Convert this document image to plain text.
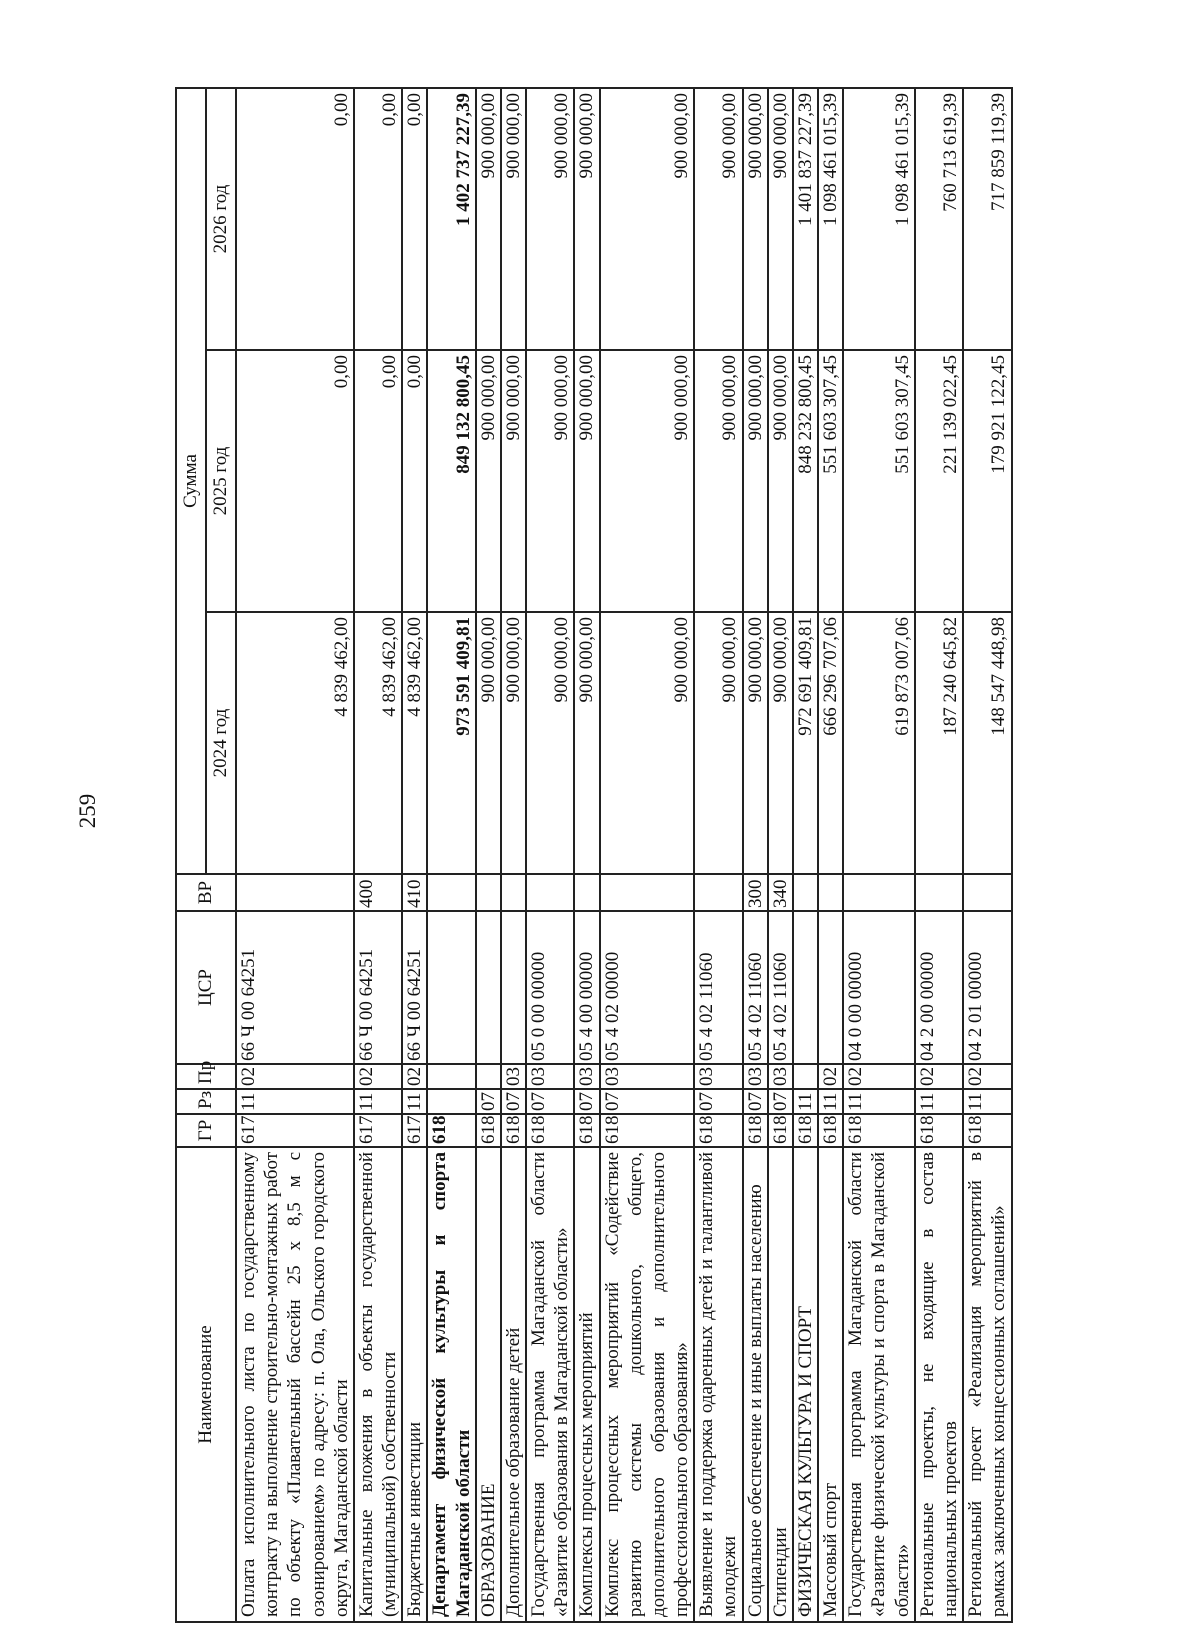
259
Наименование	ГР	Рз	Пр	ЦСР	ВР	Сумма		
						2024 год	2025 год	2026 год
Оплата исполнительного листа по государственному контракту на выполнение строительно-монтажных работ по объекту «Плавательный бассейн 25 х 8,5 м с озонированием» по адресу: п. Ола, Ольского городского округа, Магаданской области	617	11	02	66 Ч 00 64251		4 839 462,00	0,00	0,00
Капитальные вложения в объекты государственной (муниципальной) собственности	617	11	02	66 Ч 00 64251	400	4 839 462,00	0,00	0,00
Бюджетные инвестиции	617	11	02	66 Ч 00 64251	410	4 839 462,00	0,00	0,00
Департамент физической культуры и спорта Магаданской области	618					973 591 409,81	849 132 800,45	1 402 737 227,39
ОБРАЗОВАНИЕ	618	07				900 000,00	900 000,00	900 000,00
Дополнительное образование детей	618	07	03			900 000,00	900 000,00	900 000,00
Государственная программа Магаданской области «Развитие образования в Магаданской области»	618	07	03	05 0 00 00000		900 000,00	900 000,00	900 000,00
Комплексы процессных мероприятий	618	07	03	05 4 00 00000		900 000,00	900 000,00	900 000,00
Комплекс процессных мероприятий «Содействие развитию системы дошкольного, общего, дополнительного образования и дополнительного профессионального образования»	618	07	03	05 4 02 00000		900 000,00	900 000,00	900 000,00
Выявление и поддержка одаренных детей и талантливой молодежи	618	07	03	05 4 02 11060		900 000,00	900 000,00	900 000,00
Социальное обеспечение и иные выплаты населению	618	07	03	05 4 02 11060	300	900 000,00	900 000,00	900 000,00
Стипендии	618	07	03	05 4 02 11060	340	900 000,00	900 000,00	900 000,00
ФИЗИЧЕСКАЯ КУЛЬТУРА И СПОРТ	618	11				972 691 409,81	848 232 800,45	1 401 837 227,39
Массовый спорт	618	11	02			666 296 707,06	551 603 307,45	1 098 461 015,39
Государственная программа Магаданской области «Развитие физической культуры и спорта в Магаданской области»	618	11	02	04 0 00 00000		619 873 007,06	551 603 307,45	1 098 461 015,39
Региональные проекты, не входящие в состав национальных проектов	618	11	02	04 2 00 00000		187 240 645,82	221 139 022,45	760 713 619,39
Региональный проект «Реализация мероприятий в рамках заключенных концессионных соглашений»	618	11	02	04 2 01 00000		148 547 448,98	179 921 122,45	717 859 119,39
